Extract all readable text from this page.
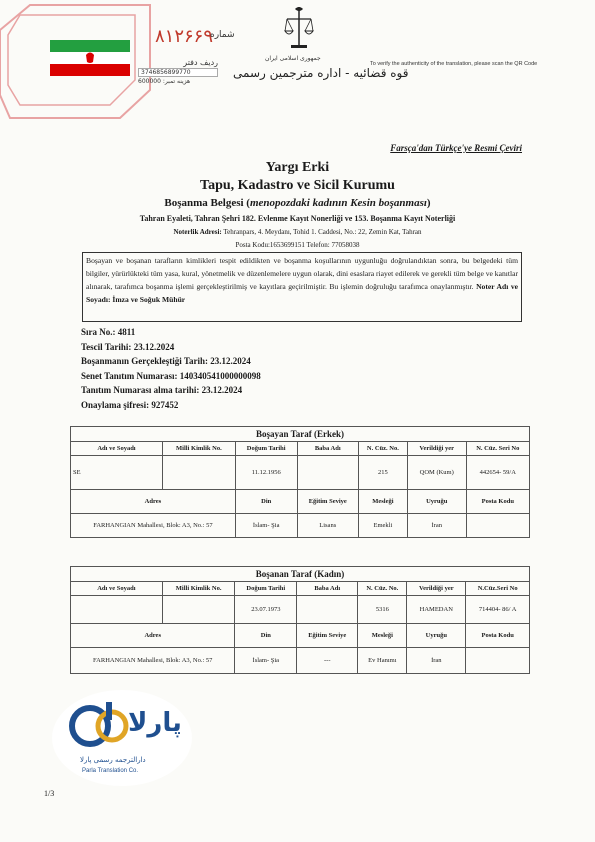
۸۱۲۶۶۹
شماره
ردیف دفتر
3746856899770
هزینه تمبر: 600000
جمهوری اسلامی ایران
قوه قضائیه - اداره مترجمین رسمی
To verify the authenticity of the translation, please scan the QR Code
Farsça'dan Türkçe'ye Resmi Çeviri
Yargı Erki
Tapu, Kadastro ve Sicil Kurumu
Boşanma Belgesi (menopozdaki kadının Kesin boşanması)
Tahran Eyaleti, Tahran Şehri 182. Evlenme Kayıt Nonerliği ve 153. Boşanma Kayıt Noterliği
Noterlik Adresi: Tehranpars, 4. Meydanı, Tohid 1. Caddesi, No.: 22, Zemin Kat, Tahran
Posta Kodu:1653699151 Telefon: 77058038
Boşayan ve boşanan tarafların kimlikleri tespit edildikten ve boşanma koşullarının uygunluğu doğrulandıktan sonra, bu belgedeki tüm bilgiler, yürürlükteki tüm yasa, kural, yönetmelik ve düzenlemelere uygun olarak, dini esaslara riayet edilerek ve gerekli tüm belge ve kanıtlar alınarak, tarafımca boşanma işlemi gerçekleştirilmiş ve kayıtlara geçirilmiştir. Bu işlemin doğruluğu tarafımca onaylanmıştır. Noter Adı ve Soyadı: İmza ve Soğuk Mühür
Sıra No.: 4811
Tescil Tarihi: 23.12.2024
Boşanmanın Gerçekleştiği Tarih: 23.12.2024
Senet Tanıtım Numarası: 140340541000000098
Tanıtım Numarası alma tarihi: 23.12.2024
Onaylama şifresi: 927452
Boşayan Taraf (Erkek)						
Adı ve Soyadı	Milli Kimlik No.	Doğum Tarihi	Baba Adı	N. Cüz. No.	Verildiği yer	N. Cüz. Seri No
SE		11.12.1956		215	QOM (Kum)	442654- 59/A
Adres		Din	Eğitim Seviye	Mesleği	Uyruğu	Posta Kodu
FARHANGIAN Mahallesi, Blok: A3, No.: 57		İslam- Şia	Lisans	Emekli	İran	
Boşanan Taraf (Kadın)						
Adı ve Soyadı	Milli Kimlik No.	Doğum Tarihi	Baba Adı	N. Cüz. No.	Verildiği yer	N.Cüz.Seri No
		23.07.1973		5316	HAMEDAN	714404- 86/ A
Adres		Din	Eğitim Seviye	Mesleği	Uyruğu	Posta Kodu
FARHANGIAN Mahallesi, Blok: A3, No.: 57		İslam- Şia	---	Ev Hanımı	İran	
پارلا
دارالترجمه رسمی پارلا
Parla Translation Co.
1/3
